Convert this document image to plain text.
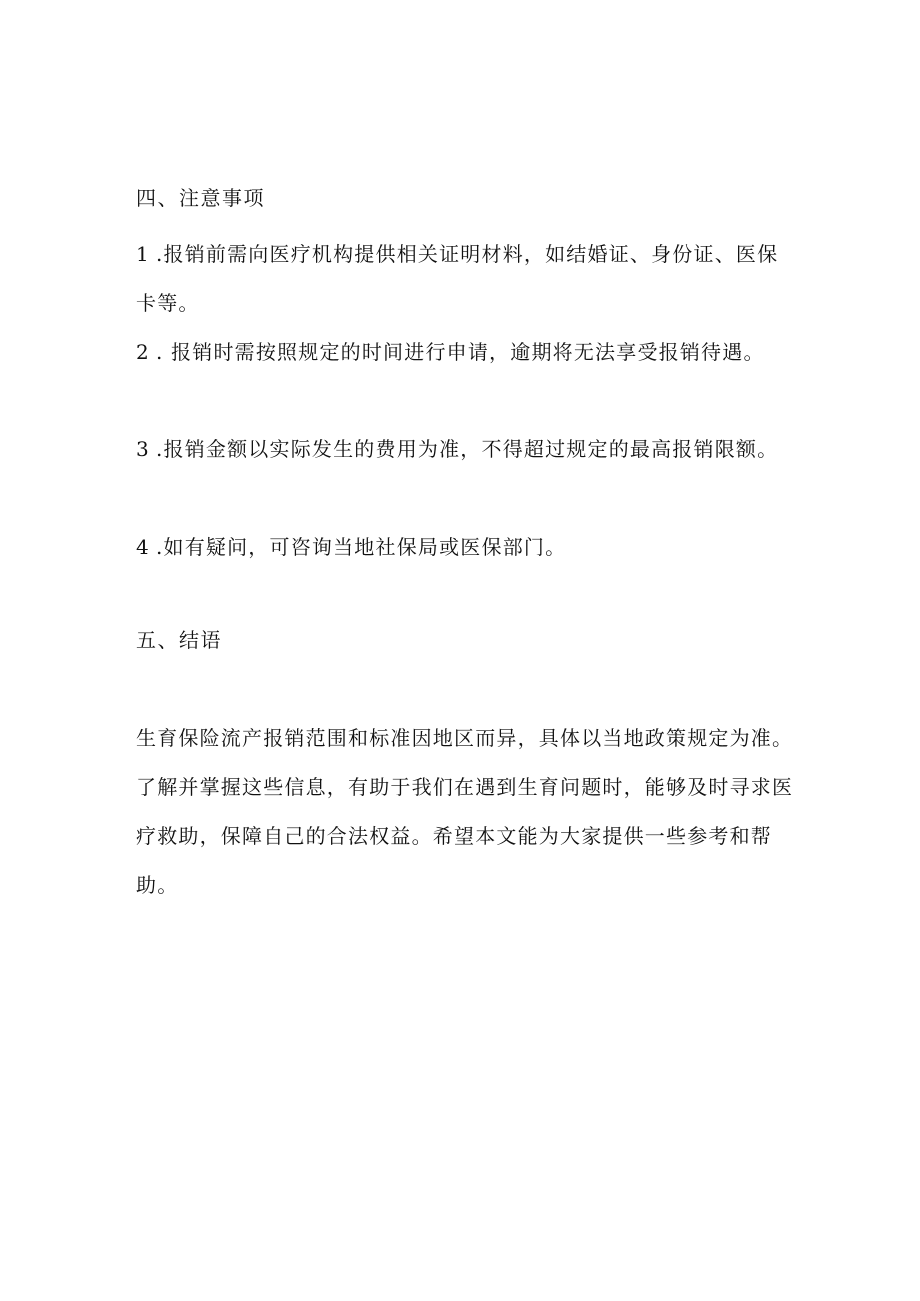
四、注意事项

1 .报销前需向医疗机构提供相关证明材料，如结婚证、身份证、医保卡等。

2 . 报销时需按照规定的时间进行申请，逾期将无法享受报销待遇。

3 .报销金额以实际发生的费用为准，不得超过规定的最高报销限额。

4 .如有疑问，可咨询当地社保局或医保部门。

五、结语

生育保险流产报销范围和标准因地区而异，具体以当地政策规定为准。了解并掌握这些信息，有助于我们在遇到生育问题时，能够及时寻求医疗救助，保障自己的合法权益。希望本文能为大家提供一些参考和帮助。
